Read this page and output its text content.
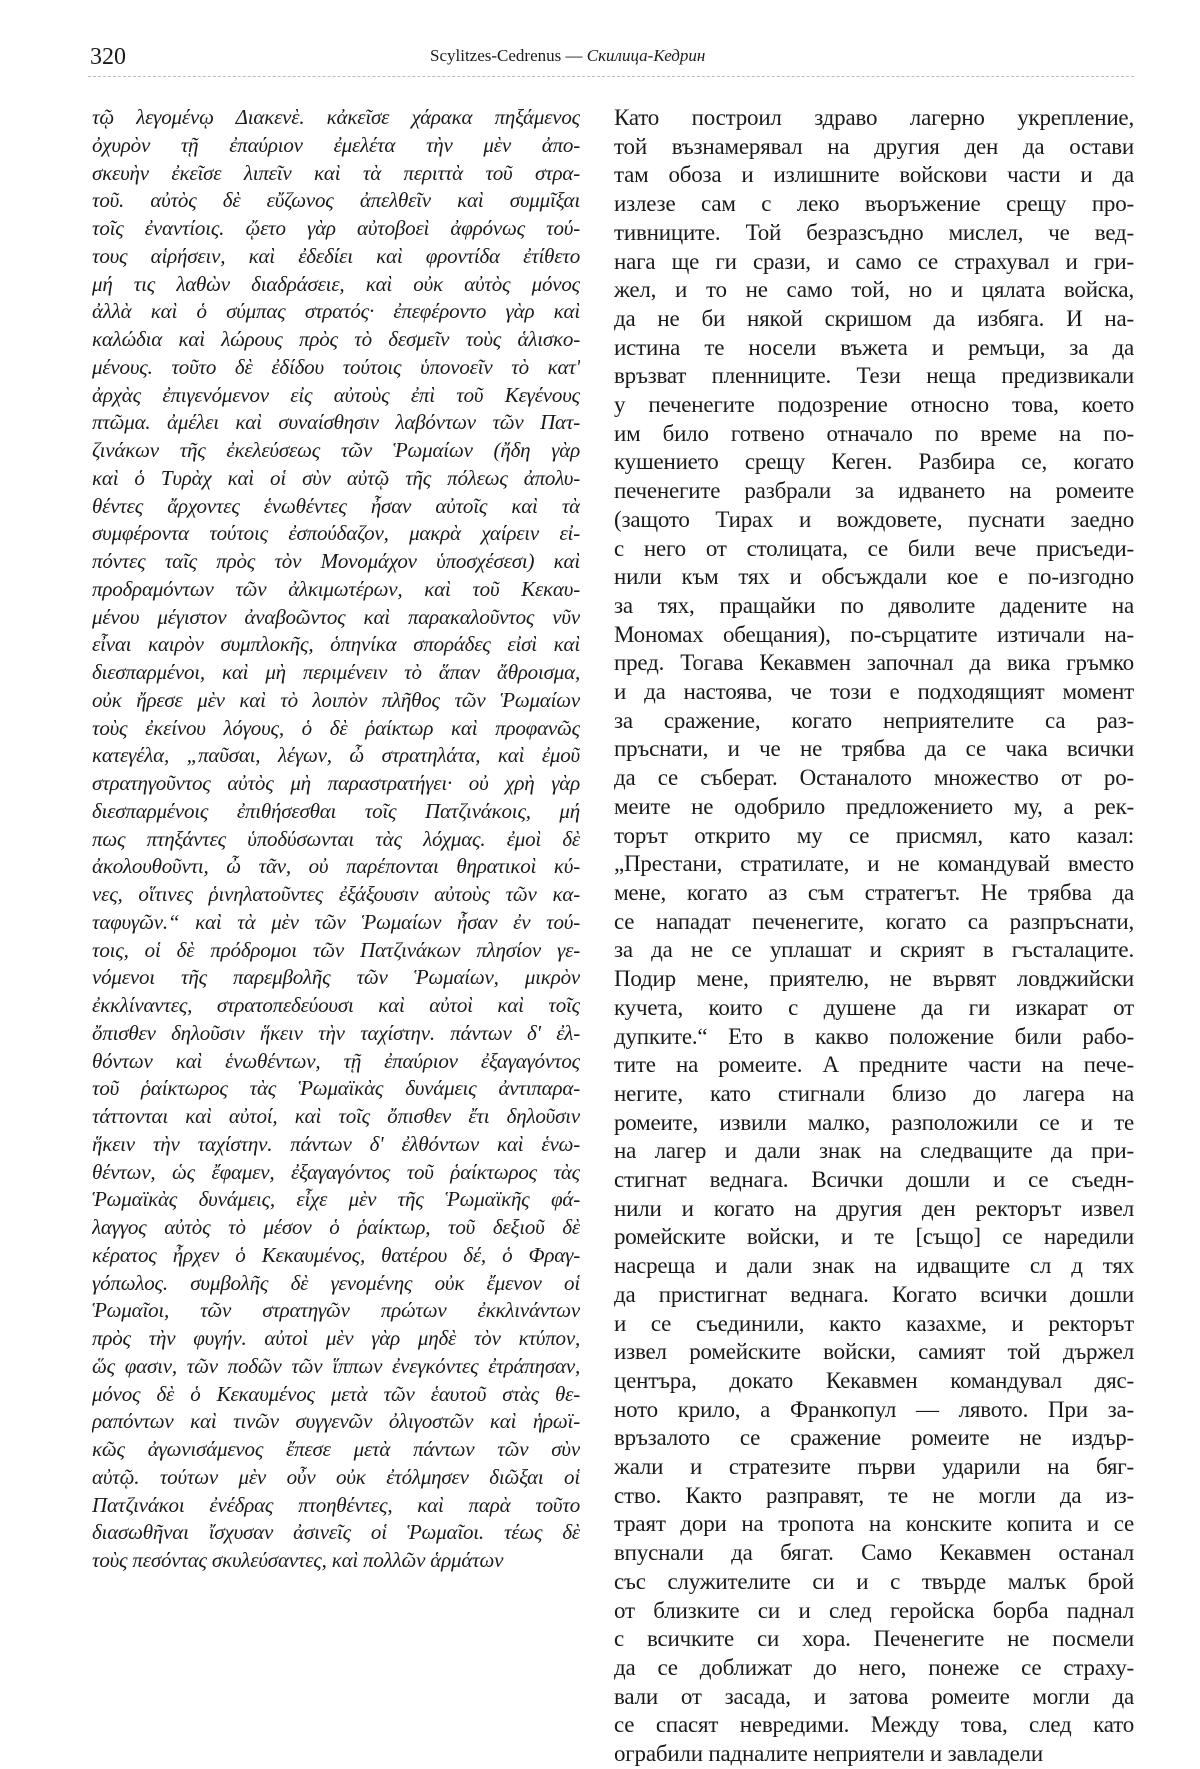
320	Scylitzes-Cedrenus — Скилица-Кедрин
τῷ λεγομένῳ Διακενὲ. κἀκεῖσε χάρακα πηξάμενος
ὀχυρὸν τῇ ἐπαύριον ἐμελέτα τὴν μὲν ἀπο-
σκευὴν ἐκεῖσε λιπεῖν καὶ τὰ περιττὰ τοῦ στρα-
τοῦ. αὐτὸς δὲ εὔζωνος ἀπελθεῖν καὶ συμμῖξαι
τοῖς ἐναντίοις. ᾤετο γὰρ αὐτοβοεὶ ἀφρόνως τού-
τους αἱρήσειν, καὶ ἐδεδίει καὶ φροντίδα ἐτίθετο
μή τις λαθὼν διαδράσειε, καὶ οὐκ αὐτὸς μόνος
ἀλλὰ καὶ ὁ σύμπας στρατός· ἐπεφέροντο γὰρ καὶ
καλώδια καὶ λώρους πρὸς τὸ δεσμεῖν τοὺς ἁλισκο-
μένους. τοῦτο δὲ ἐδίδου τούτοις ὑπονοεῖν τὸ κατ'
ἀρχὰς ἐπιγενόμενον εἰς αὐτοὺς ἐπὶ τοῦ Κεγένους
πτῶμα. ἀμέλει καὶ συναίσθησιν λαβόντων τῶν Πατ-
ζινάκων τῆς ἐκελεύσεως τῶν Ῥωμαίων (ἤδη γὰρ
καὶ ὁ Τυρὰχ καὶ οἱ σὺν αὐτῷ τῆς πόλεως ἀπολυ-
θέντες ἄρχοντες ἑνωθέντες ἦσαν αὐτοῖς καὶ τὰ
συμφέροντα τούτοις ἐσπούδαζον, μακρὰ χαίρειν εἰ-
πόντες ταῖς πρὸς τὸν Μονομάχον ὑποσχέσεσι) καὶ
προδραμόντων τῶν ἀλκιμωτέρων, καὶ τοῦ Κεκαυ-
μένου μέγιστον ἀναβοῶντος καὶ παρακαλοῦντος νῦν
εἶναι καιρὸν συμπλοκῆς, ὁπηνίκα σποράδες εἰσὶ καὶ
διεσπαρμένοι, καὶ μὴ περιμένειν τὸ ἅπαν ἄθροισμα,
οὐκ ἤρεσε μὲν καὶ τὸ λοιπὸν πλῆθος τῶν Ῥωμαίων
τοὺς ἐκείνου λόγους, ὁ δὲ ῥαίκτωρ καὶ προφανῶς
κατεγέλα, „παῦσαι, λέγων, ὦ στρατηλάτα, καὶ ἐμοῦ
στρατηγοῦντος αὐτὸς μὴ παραστρατήγει· οὐ χρὴ γὰρ
διεσπαρμένοις ἐπιθήσεσθαι τοῖς Πατζινάκοις, μή
πως πτηξάντες ὑποδύσωνται τὰς λόχμας. ἐμοὶ δὲ
ἀκολουθοῦντι, ὦ τᾶν, οὐ παρέπονται θηρατικοὶ κύ-
νες, οἵτινες ῥινηλατοῦντες ἐξάξουσιν αὐτοὺς τῶν κα-
ταφυγῶν.“ καὶ τὰ μὲν τῶν Ῥωμαίων ἦσαν ἐν τού-
τοις, οἱ δὲ πρόδρομοι τῶν Πατζινάκων πλησίον γε-
νόμενοι τῆς παρεμβολῆς τῶν Ῥωμαίων, μικρὸν
ἐκκλίναντες, στρατοπεδεύουσι καὶ αὐτοὶ καὶ τοῖς
ὄπισθεν δηλοῦσιν ἥκειν τὴν ταχίστην. πάντων δ' ἐλ-
θόντων καὶ ἑνωθέντων, τῇ ἐπαύριον ἐξαγαγόντος
τοῦ ῥαίκτωρος τὰς Ῥωμαϊκὰς δυνάμεις ἀντιπαρα-
τάττονται καὶ αὐτοί, καὶ τοῖς ὄπισθεν ἔτι δηλοῦσιν
ἥκειν τὴν ταχίστην. πάντων δ' ἐλθόντων καὶ ἑνω-
θέντων, ὡς ἔφαμεν, ἐξαγαγόντος τοῦ ῥαίκτωρος τὰς
Ῥωμαϊκὰς δυνάμεις, εἶχε μὲν τῆς Ῥωμαϊκῆς φά-
λαγγος αὐτὸς τὸ μέσον ὁ ῥαίκτωρ, τοῦ δεξιοῦ δὲ
κέρατος ἦρχεν ὁ Κεκαυμένος, θατέρου δέ, ὁ Φραγ-
γόπωλος. συμβολῆς δὲ γενομένης οὐκ ἔμενον οἱ
Ῥωμαῖοι, τῶν στρατηγῶν πρώτων ἐκκλινάντων
πρὸς τὴν φυγήν. αὐτοὶ μὲν γὰρ μηδὲ τὸν κτύπον,
ὥς φασιν, τῶν ποδῶν τῶν ἵππων ἐνεγκόντες ἐτράπησαν,
μόνος δὲ ὁ Κεκαυμένος μετὰ τῶν ἑαυτοῦ στὰς θε-
ραπόντων καὶ τινῶν συγγενῶν ὀλιγοστῶν καὶ ἡρωϊ-
κῶς ἀγωνισάμενος ἔπεσε μετὰ πάντων τῶν σὺν
αὐτῷ. τούτων μὲν οὖν οὐκ ἐτόλμησεν διῶξαι οἱ
Πατζινάκοι ἐνέδρας πτοηθέντες, καὶ παρὰ τοῦτο
διασωθῆναι ἴσχυσαν ἀσινεῖς οἱ Ῥωμαῖοι. τέως δὲ
τοὺς πεσόντας σκυλεύσαντες, καὶ πολλῶν ἁρμάτων
Като построил здраво лагерно укрепление,
той възнамерявал на другия ден да остави
там обоза и излишните войскови части и да
излезе сам с леко въоръжение срещу про-
тивниците. Той безразсъдно мислел, че вед-
нага ще ги срази, и само се страхувал и гри-
жел, и то не само той, но и цялата войска,
да не би някой скришом да избяга. И на-
истина те носели въжета и ремъци, за да
връзват пленниците. Тези неща предизвикали
у печенегите подозрение относно това, което
им било готвено отначало по време на по-
кушението срещу Кеген. Разбира се, когато
печенегите разбрали за идването на ромеите
(защото Тирах и вождовете, пуснати заедно
с него от столицата, се били вече присъеди-
нили към тях и обсъждали кое е по-изгодно
за тях, пращайки по дяволите дадените на
Мономах обещания), по-сърцатите изтичали на-
пред. Тогава Кекавмен започнал да вика гръмко
и да настоява, че този е подходящият момент
за сражение, когато неприятелите са раз-
пръснати, и че не трябва да се чака всички
да се съберат. Останалото множество от ро-
меите не одобрило предложението му, а рек-
торът открито му се присмял, като казал:
„Престани, стратилате, и не командувай вместо
мене, когато аз съм стратегът. Не трябва да
се нападат печенегите, когато са разпръснати,
за да не се уплашат и скрият в гъсталаците.
Подир мене, приятелю, не вървят ловджийски
кучета, които с душене да ги изкарат от
дупките.“ Ето в какво положение били рабо-
тите на ромеите. А предните части на пече-
негите, като стигнали близо до лагера на
ромеите, извили малко, разположили се и те
на лагер и дали знак на следващите да при-
стигнат веднага. Всички дошли и се съедн-
нили и когато на другия ден ректорът извел
ромейските войски, и те [също] се наредили
насреща и дали знак на идващите сл д тях
да пристигнат веднага. Когато всички дошли
и се съединили, както казахме, и ректорът
извел ромейските войски, самият той държел
центъра, докато Кекавмен командувал дяс-
ното крило, а Франкопул — лявото. При за-
връзалото се сражение ромеите не издър-
жали и стратезите първи ударили на бяг-
ство. Както разправят, те не могли да из-
траят дори на тропота на конските копита и се
впуснали да бягат. Само Кекавмен останал
със служителите си и с твърде малък брой
от близките си и след геройска борба паднал
с всичките си хора. Печенегите не посмели
да се доближат до него, понеже се страху-
вали от засада, и затова ромеите могли да
се спасят невредими. Между това, след като
ограбили падналите неприятели и завладели
